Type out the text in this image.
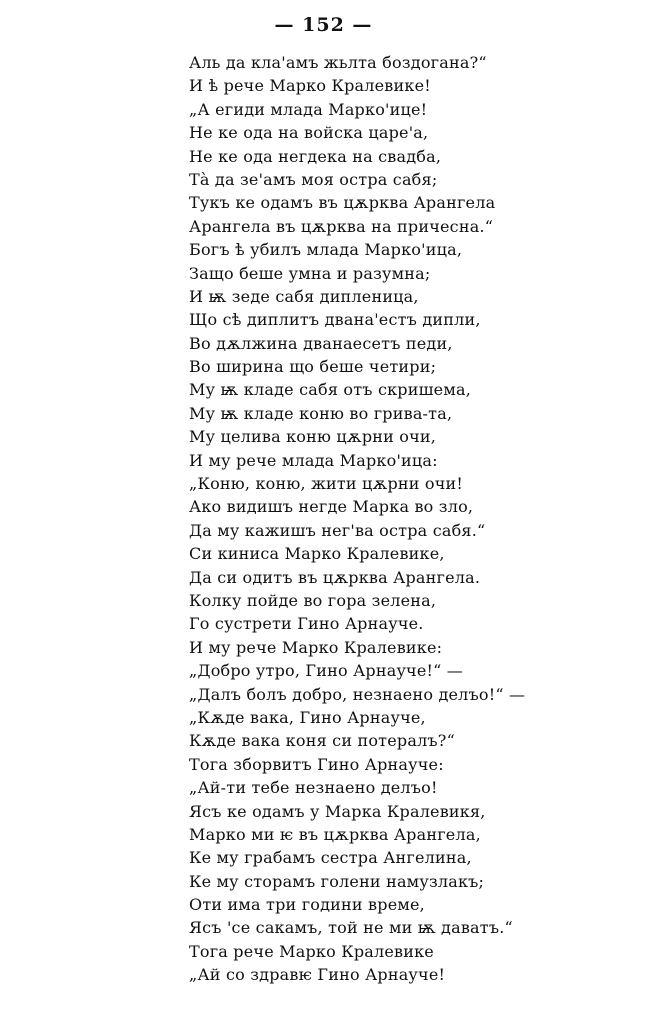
— 152 —
Аль да кла'амъ жьлта боздогана?“
И ѣ рече Марко Кралевике!
„А егиди млада Марко'ице!
Не ке ода на войска царе'а,
Не ке ода негдека на свадба,
Тà да зе'амъ моя остра сабя;
Тукъ ке одамъ въ цѫрква Арангела
Арангела въ цѫрква на причесна.“
Богъ ѣ убилъ млада Марко'ица,
Защо беше умна и разумна;
И ѭ зеде сабя дипленица,
Що сѣ диплитъ двана'естъ дипли,
Во дѫлжина дванаесетъ педи,
Во ширина що беше четири;
Му ѭ кладе сабя отъ скришема,
Му ѭ кладе коню во грива-та,
Му целива коню цѫрни очи,
И му рече млада Марко'ица:
„Коню, коню, жити цѫрни очи!
Ако видишъ негде Марка во зло,
Да му кажишъ нег'ва остра сабя.“
Си киниса Марко Кралевике,
Да си одитъ въ цѫрква Арангела.
Колку пойде во гора зелена,
Го сустрети Гино Арнауче.
И му рече Марко Кралевике:
„Добро утро, Гино Арнауче!“ —
„Далъ болъ добро, незнаено делъо!“ —
„Кѫде вака, Гино Арнауче,
Кѫде вака коня си потералъ?“
Тога зборвитъ Гино Арнауче:
„Ай-ти тебе незнаено делъо!
Ясъ ке одамъ у Марка Кралевикя,
Марко ми ѥ въ цѫрква Арангела,
Ке му грабамъ сестра Ангелина,
Ке му сторамъ голени намузлакъ;
Оти има три години време,
Ясъ 'се сакамъ, той не ми ѭ даватъ.“
Тога рече Марко Кралевике
„Ай со здравѥ Гино Арнауче!
